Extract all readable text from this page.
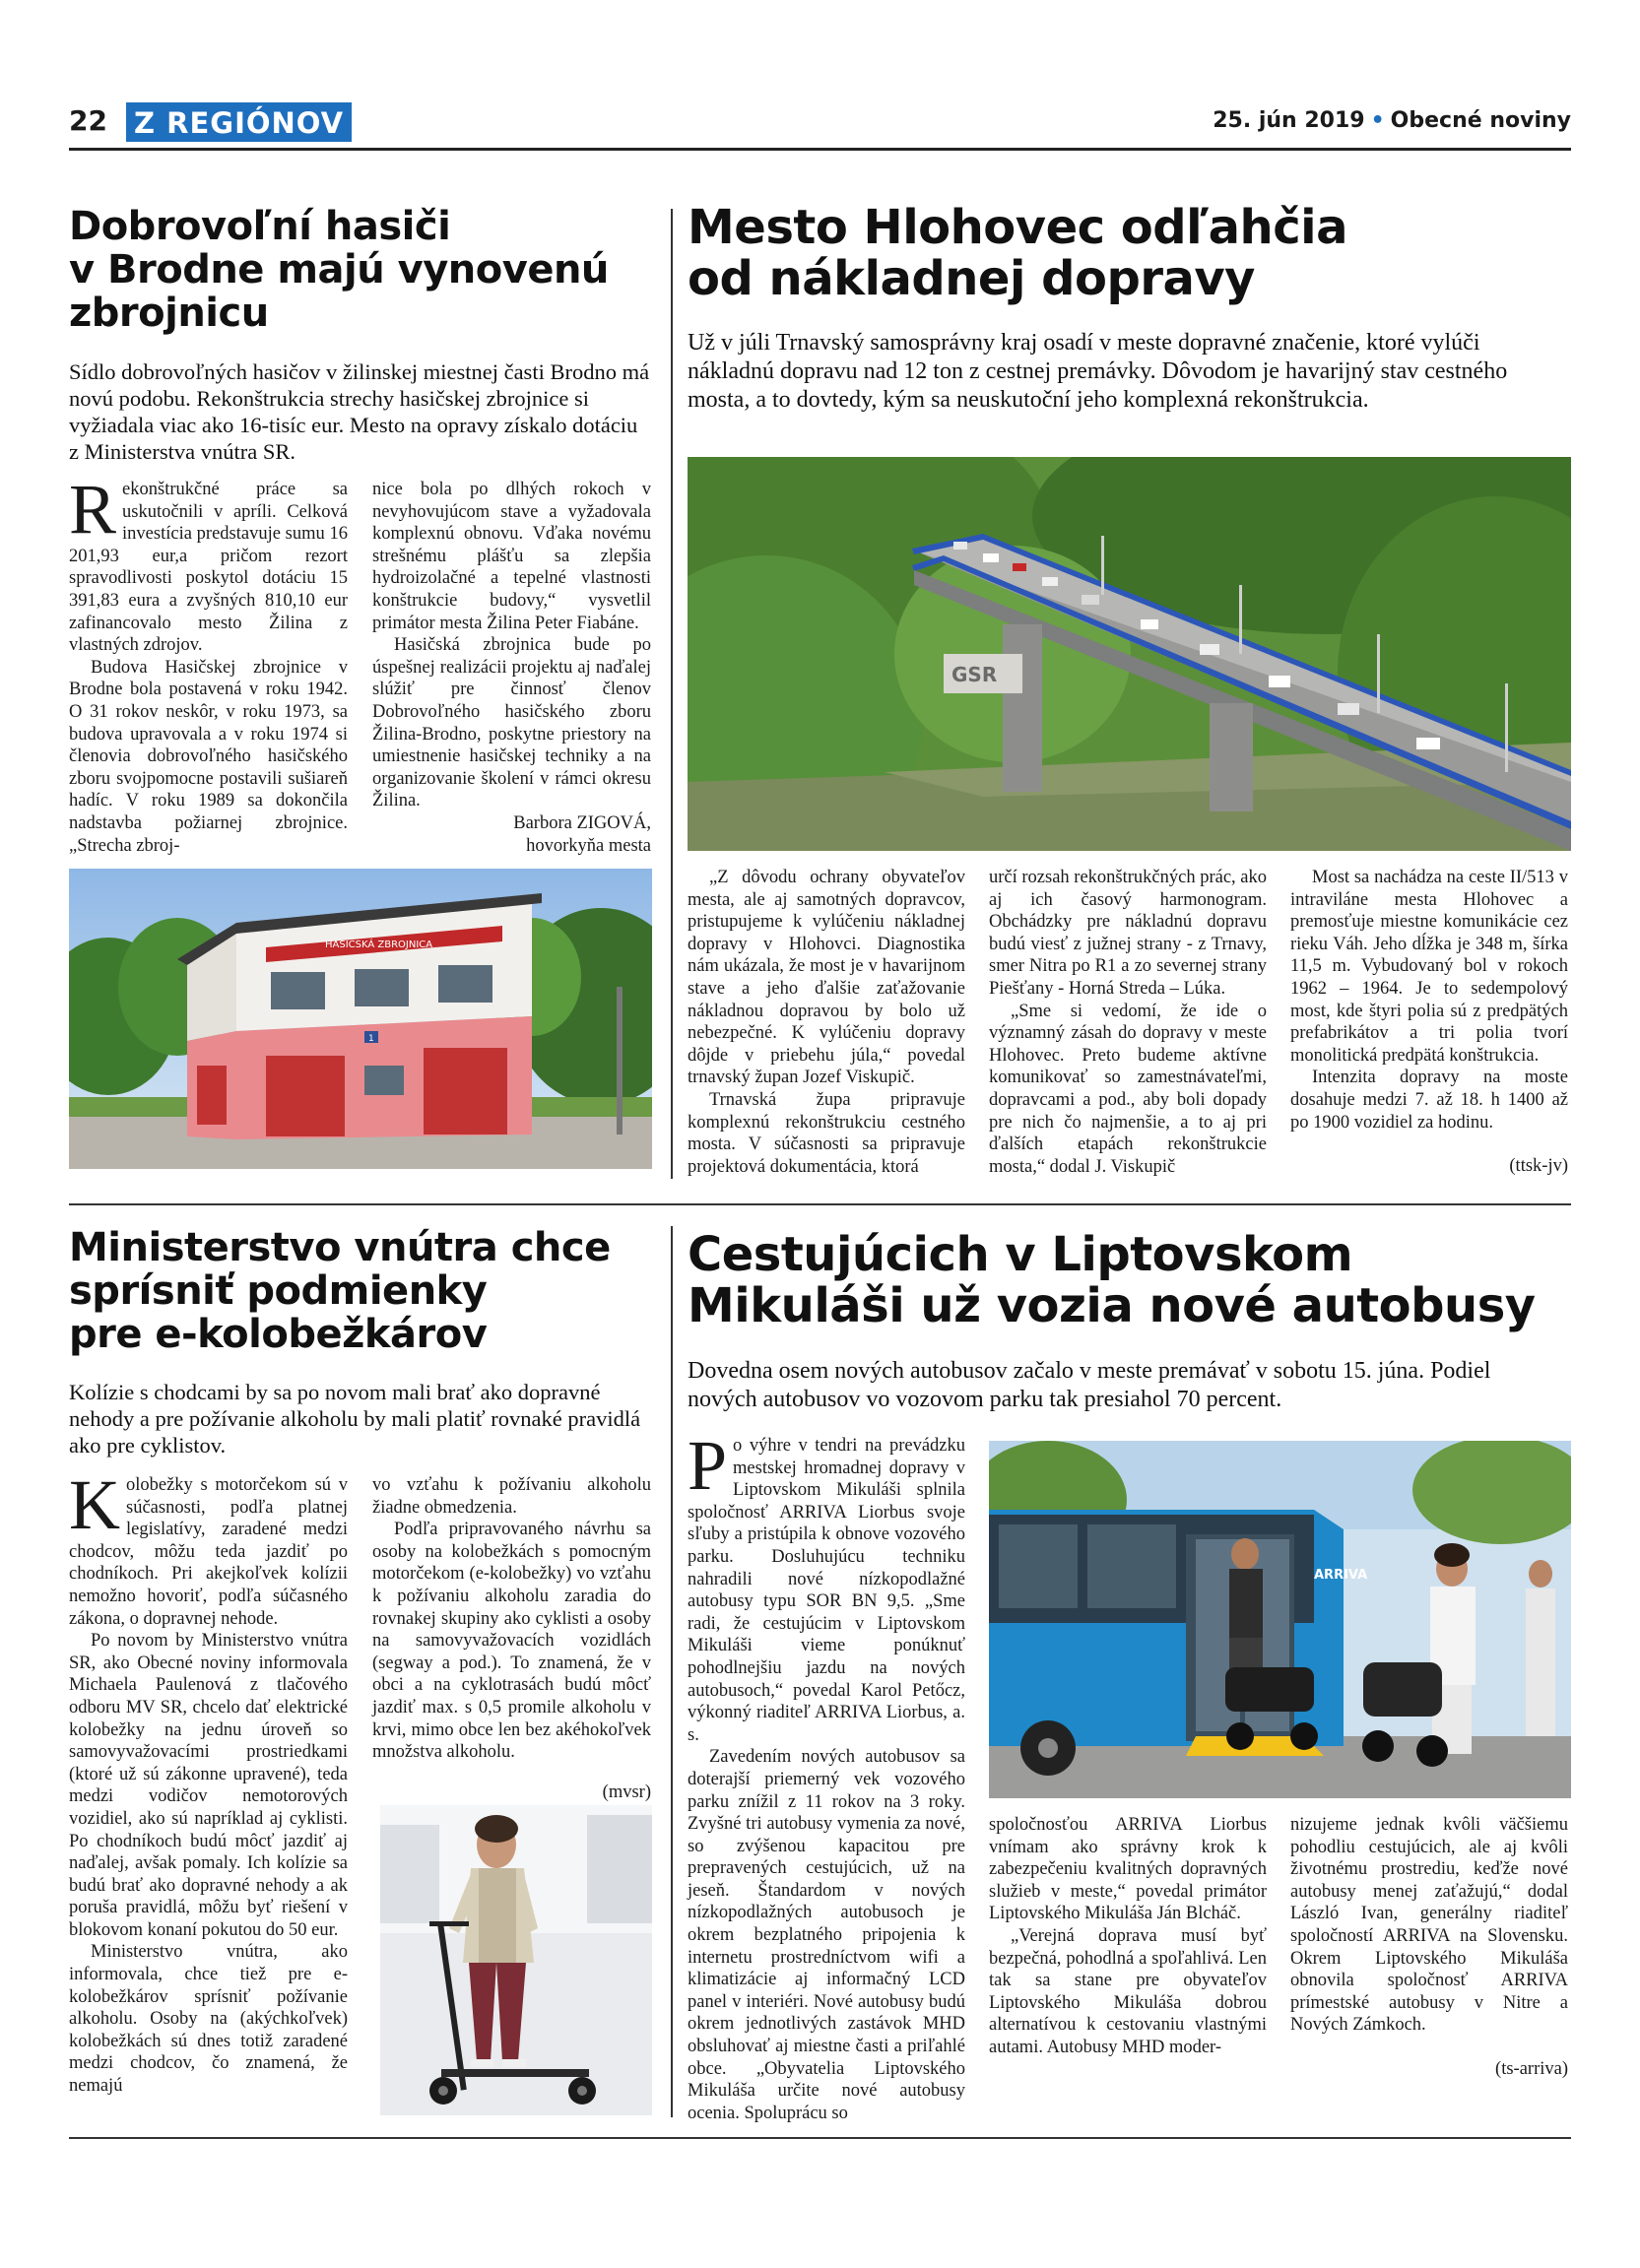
22 Z REGIÓNOV	25. jún 2019 • Obecné noviny
Dobrovoľní hasiči
v Brodne majú vynovenú
zbrojnicu
Sídlo dobrovoľných hasičov v žilinskej miestnej časti Brodno má novú podobu. Rekonštrukcia strechy hasičskej zbrojnice si vyžiadala viac ako 16-tisíc eur. Mesto na opravy získalo dotáciu z Ministerstva vnútra SR.

Rekonštrukčné práce sa uskutočnili v apríli. Celková investícia predstavuje sumu 16 201,93 eur,a pričom rezort spravodlivosti poskytol dotáciu 15 391,83 eura a zvyšných 810,10 eur zafinancovalo mesto Žilina z vlastných zdrojov.

Budova Hasičskej zbrojnice v Brodne bola postavená v roku 1942. O 31 rokov neskôr, v roku 1973, sa budova upravovala a v roku 1974 si členovia dobrovoľného hasičského zboru svojpomocne postavili sušiareň hadíc. V roku 1989 sa dokončila nadstavba požiarnej zbrojnice. „Strecha zbroj-

nice bola po dlhých rokoch v nevyhovujúcom stave a vyžadovala komplexnú obnovu. Vďaka novému strešnému plášťu sa zlepšia hydroizolačné a tepelné vlastnosti konštrukcie budovy,“ vysvetlil primátor mesta Žilina Peter Fiabáne.

Hasičská zbrojnica bude po úspešnej realizácii projektu aj naďalej slúžiť pre činnosť členov Dobrovoľného hasičského zboru Žilina-Brodno, poskytne priestory na umiestnenie hasičskej techniky a na organizovanie školení v rámci okresu Žilina.

Barbora ZIGOVÁ,

hovorkyňa mesta

HASIČSKÁ ZBROJNICA
1
Mesto Hlohovec odľahčia
od nákladnej dopravy
Už v júli Trnavský samosprávny kraj osadí v meste dopravné značenie, ktoré vylúči nákladnú dopravu nad 12 ton z cestnej premávky. Dôvodom je havarijný stav cestného mosta, a to dovtedy, kým sa neuskutoční jeho komplexná rekonštrukcia.
GSR

„Z dôvodu ochrany obyvateľov mesta, ale aj samotných dopravcov, pristupujeme k vylúčeniu nákladnej dopravy v Hlohovci. Diagnostika nám ukázala, že most je v havarijnom stave a jeho ďalšie zaťažovanie nákladnou dopravou by bolo už nebezpečné. K vylúčeniu dopravy dôjde v priebehu júla,“ povedal trnavský župan Jozef Viskupič.

Trnavská župa pripravuje komplexnú rekonštrukciu cestného mosta. V súčasnosti sa pripravuje projektová dokumentácia, ktorá

určí rozsah rekonštrukčných prác, ako aj ich časový harmonogram. Obchádzky pre nákladnú dopravu budú viesť z južnej strany - z Trnavy, smer Nitra po R1 a zo severnej strany Piešťany - Horná Streda – Lúka.

„Sme si vedomí, že ide o významný zásah do dopravy v meste Hlohovec. Preto budeme aktívne komunikovať so zamestnávateľmi, dopravcami a pod., aby boli dopady pre nich čo najmenšie, a to aj pri ďalších etapách rekonštrukcie mosta,“ dodal J. Viskupič

Most sa nachádza na ceste II/513 v intraviláne mesta Hlohovec a premosťuje miestne komunikácie cez rieku Váh. Jeho dĺžka je 348 m, šírka 11,5 m. Vybudovaný bol v rokoch 1962 – 1964. Je to sedempolový most, kde štyri polia sú z predpätých prefabrikátov a tri polia tvorí monolitická predpätá konštrukcia.

Intenzita dopravy na moste dosahuje medzi 7. až 18. h 1400 až po 1900 vozidiel za hodinu.

(ttsk-jv)

Ministerstvo vnútra chce
sprísniť podmienky
pre e-kolobežkárov
Kolízie s chodcami by sa po novom mali brať ako dopravné nehody a pre požívanie alkoholu by mali platiť rovnaké pravidlá ako pre cyklistov.

Kolobežky s motorčekom sú v súčasnosti, podľa platnej legislatívy, zaradené medzi chodcov, môžu teda jazdiť po chodníkoch. Pri akejkoľvek kolízii nemožno hovoriť, podľa súčasného zákona, o dopravnej nehode.

Po novom by Ministerstvo vnútra SR, ako Obecné noviny informovala Michaela Paulenová z tlačového odboru MV SR, chcelo dať elektrické kolobežky na jednu úroveň so samovyvažovacími prostriedkami (ktoré už sú zákonne upravené), teda medzi vodičov nemotorových vozidiel, ako sú napríklad aj cyklisti. Po chodníkoch budú môcť jazdiť aj naďalej, avšak pomaly. Ich kolízie sa budú brať ako dopravné nehody a ak poruša pravidlá, môžu byť riešení v blokovom konaní pokutou do 50 eur.

Ministerstvo vnútra, ako informovala, chce tiež pre e-kolobežkárov sprísniť požívanie alkoholu. Osoby na (akýchkoľvek) kolobežkách sú dnes totiž zaradené medzi chodcov, čo znamená, že nemajú

vo vzťahu k požívaniu alkoholu žiadne obmedzenia.

Podľa pripravovaného návrhu sa osoby na kolobežkách s pomocným motorčekom (e-kolobežky) vo vzťahu k požívaniu alkoholu zaradia do rovnakej skupiny ako cyklisti a osoby na samovyvažovacích vozidlách (segway a pod.). To znamená, že v obci a na cyklotrasách budú môcť jazdiť max. s 0,5 promile alkoholu v krvi, mimo obce len bez akéhokoľvek množstva alkoholu.

(mvsr)

Cestujúcich v Liptovskom
Mikuláši už vozia nové autobusy
Dovedna osem nových autobusov začalo v meste premávať v sobotu 15. júna. Podiel nových autobusov vo vozovom parku tak presiahol 70 percent.

Po výhre v tendri na prevádzku mestskej hromadnej dopravy v Liptovskom Mikuláši splnila spoločnosť ARRIVA Liorbus svoje sľuby a pristúpila k obnove vozového parku. Dosluhujúcu techniku nahradili nové nízkopodlažné autobusy typu SOR BN 9,5. „Sme radi, že cestujúcim v Liptovskom Mikuláši vieme ponúknuť pohodlnejšiu jazdu na nových autobusoch,“ povedal Karol Petőcz, výkonný riaditeľ ARRIVA Liorbus, a. s.

Zavedením nových autobusov sa doterajší priemerný vek vozového parku znížil z 11 rokov na 3 roky. Zvyšné tri autobusy vymenia za nové, so zvýšenou kapacitou pre prepravených cestujúcich, už na jeseň. Štandardom v nových nízkopodlažných autobusoch je okrem bezplatného pripojenia k internetu prostredníctvom wifi a klimatizácie aj informačný LCD panel v interiéri. Nové autobusy budú okrem jednotlivých zastávok MHD obsluhovať aj miestne časti a priľahlé obce. „Obyvatelia Liptovského Mikuláša určite nové autobusy ocenia. Spoluprácu so

ARRIVA

spoločnosťou ARRIVA Liorbus vnímam ako správny krok k zabezpečeniu kvalitných dopravných služieb v meste,“ povedal primátor Liptovského Mikuláša Ján Blcháč.

„Verejná doprava musí byť bezpečná, pohodlná a spoľahlivá. Len tak sa stane pre obyvateľov Liptovského Mikuláša dobrou alternatívou k cestovaniu vlastnými autami. Autobusy MHD moder-

nizujeme jednak kvôli väčšiemu pohodliu cestujúcich, ale aj kvôli životnému prostrediu, keďže nové autobusy menej zaťažujú,“ dodal László Ivan, generálny riaditeľ spoločností ARRIVA na Slovensku. Okrem Liptovského Mikuláša obnovila spoločnosť ARRIVA prímestské autobusy v Nitre a Nových Zámkoch.

(ts-arriva)
